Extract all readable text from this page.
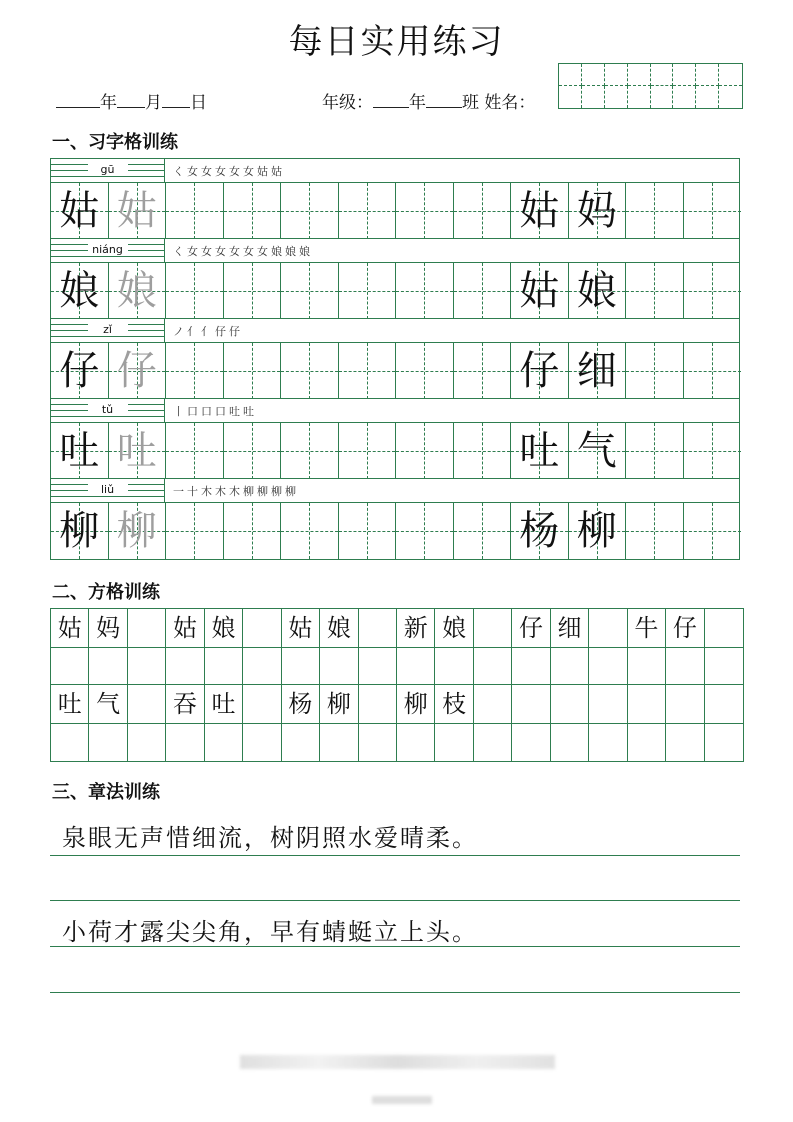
每日实用练习
年 月 日	年级： 年 班 姓名：
一、习字格训练
gū	く女女女女女姑姑
姑 姑	姑 妈
niáng	く女女女女女女娘娘娘
娘 娘	姑 娘
zǐ	ノ亻亻仔仔
仔 仔	仔 细
tǔ	丨口口口吐吐
吐 吐	吐 气
liǔ	一十木木木柳柳柳柳
柳 柳	杨 柳
二、方格训练
姑 妈	姑 娘	姑 娘	新 娘	仔 细	牛 仔
吐 气	吞 吐	杨 柳	柳 枝
三、章法训练
泉眼无声惜细流，树阴照水爱晴柔。
小荷才露尖尖角，早有蜻蜓立上头。
